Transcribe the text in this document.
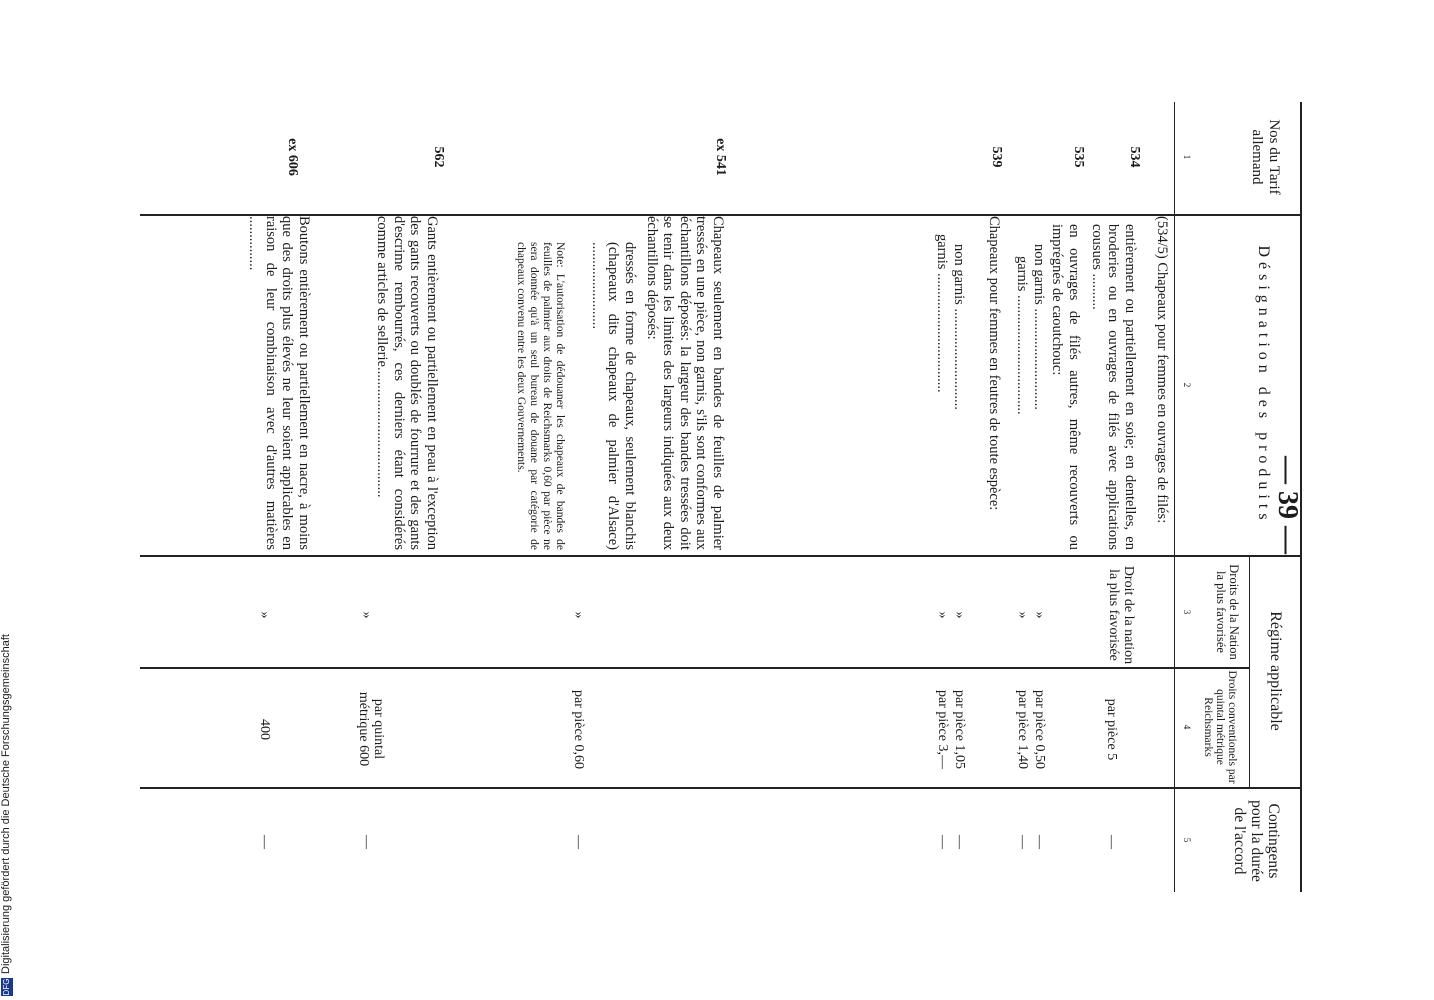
— 39 —
DFGDigitalisierung gefördert durch die Deutsche Forschungsgemeinschaft
Nos du Tarif allemand
Désignation des produits
Régime applicable
Droits de la Nation la plus favorisée
Droits conventionels par quintal métrique Reichsmarks
Contingents pour la durée de l'accord
1
2
3
4
5
(534/5) Chapeaux pour femmes en ouvrages de filés:
534
entièrement ou partiellement en soie; en dentelles, en broderies ou en ouvrages de filés avec applications cousues ..........
Droit de la nation la plus favorisée
par pièce 5
—
535
en ouvrages de filés autres, même recouverts ou imprégnés de caoutchouc:
non garnis ............................
»
par pièce 0,50
—
garnis .................................
»
par pièce 1,40
—
539
Chapeaux pour femmes en feutres de toute espèce:
non garnis ............................
»
par pièce 1,05
—
garnis .................................
»
par pièce 3,—
—
ex 541
Chapeaux seulement en bandes de feuilles de palmier tressés en une pièce, non garnis, s'ils sont conformes aux échantillons déposés: la largeur des bandes tressées doit se tenir dans les limites des largeurs indiquées aux deux échantillons déposés:
dressés en forme de chapeaux, seulement blanchis (chapeaux dits chapeaux de palmier d'Alsace) ........................
»
par pièce 0,60
—
Note: L'autorisation de dédouaner les chapeaux de bandes de feuilles de palmier aux droits de Reichsmarks 0,60 par pièce ne sera donnée qu'à un seul bureau de douane par catégorie de chapeaux convenu entre les deux Gouvernements.
562
Gants entièrement ou partiellement en peau à l'exception des gants recouverts ou doublés de fourrure et des gants d'escrime rembourrés, ces derniers étant considérés comme articles de sellerie....................................
»
par quintal métrique 600
—
ex 606
Boutons entièrement ou partiellement en nacre, à moins que des droits plus élevés ne leur soient applicables en raison de leur combinaison avec d'autres matières ...............
»
400
—
